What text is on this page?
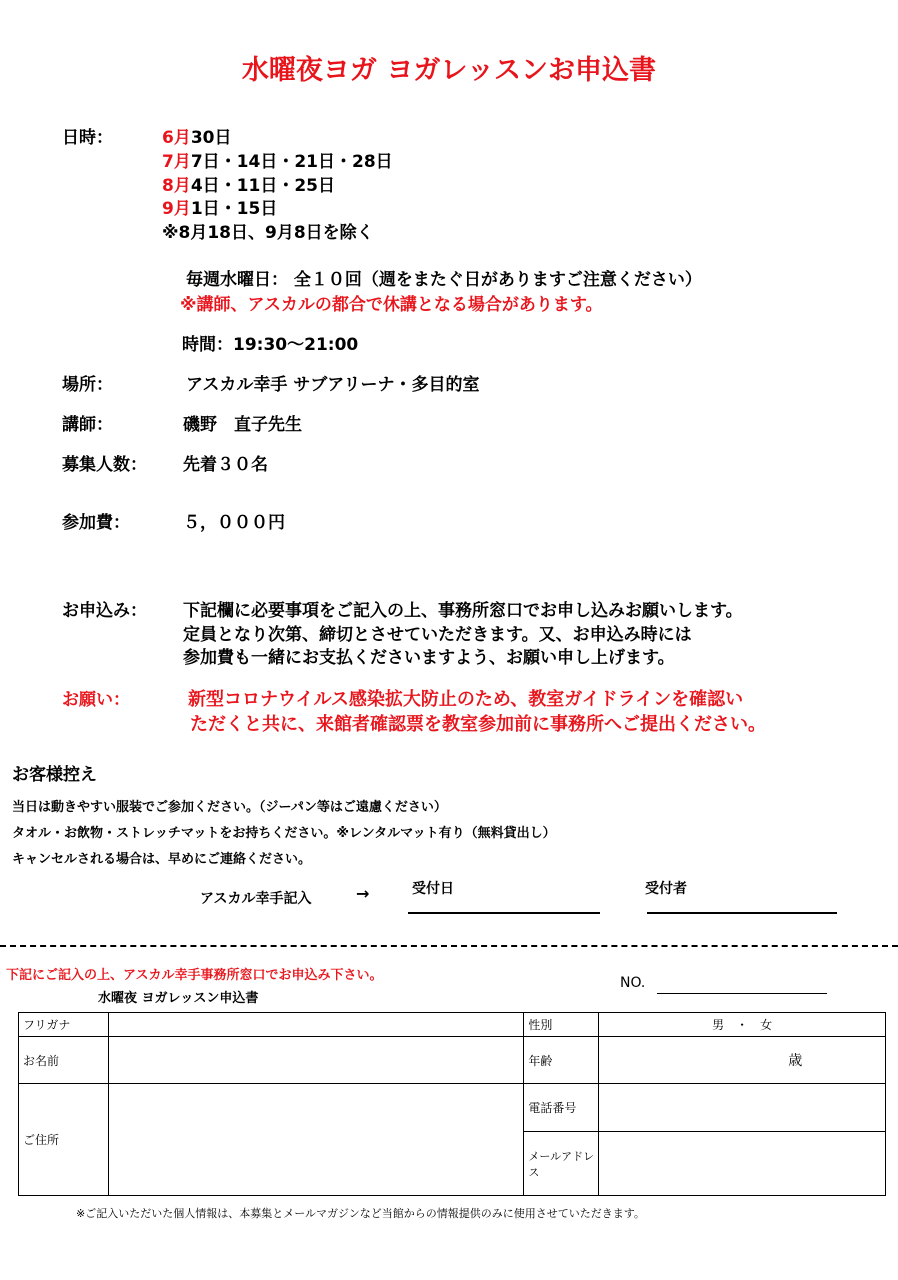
水曜夜ヨガ ヨガレッスンお申込書
日時：	6月30日
7月7日・14日・21日・28日
8月4日・11日・25日
9月1日・15日
※8月18日、9月8日を除く
毎週水曜日： 全１０回（週をまたぐ日がありますご注意ください）
※講師、アスカルの都合で休講となる場合があります。
時間：19:30～21:00
場所：	アスカル幸手 サブアリーナ・多目的室
講師：	磯野　直子先生
募集人数： 先着３０名
参加費：	５，０００円
お申込み： 下記欄に必要事項をご記入の上、事務所窓口でお申し込みお願いします。
定員となり次第、締切とさせていただきます。又、お申込み時には
参加費も一緒にお支払くださいますよう、お願い申し上げます。
お願い：	新型コロナウイルス感染拡大防止のため、教室ガイドラインを確認い
ただくと共に、来館者確認票を教室参加前に事務所へご提出ください。
お客様控え
当日は動きやすい服装でご参加ください。（ジーパン等はご遠慮ください）
タオル・お飲物・ストレッチマットをお持ちください。※レンタルマット有り（無料貸出し）
キャンセルされる場合は、早めにご連絡ください。
アスカル幸手記入	→	受付日	受付者
下記にご記入の上、アスカル幸手事務所窓口でお申込み下さい。
水曜夜 ヨガレッスン申込書
NO.
フリガナ		性別	男　・　女
お名前		年齢	歳
ご住所		電話番号	
		メールアドレス	
※ご記入いただいた個人情報は、本募集とメールマガジンなど当館からの情報提供のみに使用させていただきます。
